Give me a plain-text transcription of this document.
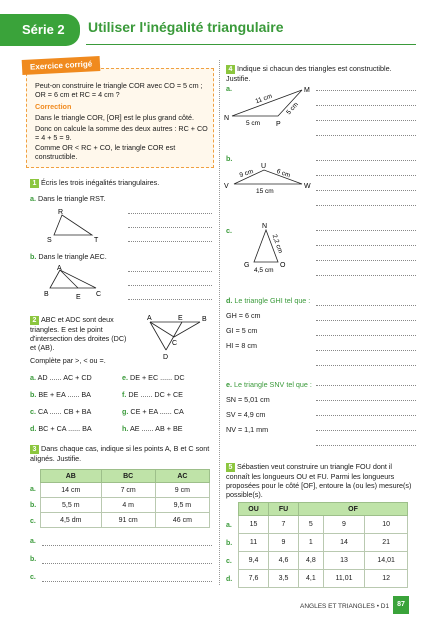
Série 2	Utiliser l'inégalité triangulaire
Exercice corrigé
Peut-on construire le triangle COR avec CO = 5 cm ; OR = 6 cm et RC = 4 cm ?
Correction
Dans le triangle COR, [OR] est le plus grand côté.
Donc on calcule la somme des deux autres : RC + CO = 4 + 5 = 9.
Comme OR < RC + CO, le triangle COR est constructible.
1 Écris les trois inégalités triangulaires.
a. Dans le triangle RST.
R
S	T
b. Dans le triangle AEC.
A
B	E C
2 ABC et ADC sont deux triangles. E est le point d'intersection des droites (DC) et (AB).
Complète par >, < ou =.
A	E	B
C
D
a. AD ...... AC + CD
b. BE + EA ...... BA
c. CA ...... CB + BA
d. BC + CA ...... BA
e. DE + EC ...... DC
f. DE ...... DC + CE
g. CE + EA ...... CA
h. AE ...... AB + BE
3 Dans chaque cas, indique si les points A, B et C sont alignés. Justifie.
AB	BC	AC
14 cm	7 cm	9 cm
5,5 m	4 m	9,5 m
4,5 dm	91 cm	46 cm
a.
b.
c.
a.
b.
c.
4 Indique si chacun des triangles est constructible. Justifie.
a.
N
M
P
11 cm
5 cm
5 cm
b.
U
V	W
9 cm	6 cm
15 cm
c.	N
G	O
2,2 cm
4,5 cm
d. Le triangle GHI tel que :
GH = 6 cm
GI = 5 cm
HI = 8 cm
e. Le triangle SNV tel que :
SN = 5,01 cm
SV = 4,9 cm
NV = 1,1 mm
5 Sébastien veut construire un triangle FOU dont il connaît les longueurs OU et FU. Parmi les longueurs proposées pour le côté [OF], entoure la (ou les) mesure(s) possible(s).
OU	FU	OF		
15	7	5	9	10
11	9	1	14	21
9,4	4,6	4,8	13	14,01
7,6	3,5	4,1	11,01	12
a.
b.
c.
d.
ANGLES ET TRIANGLES • D1	87
